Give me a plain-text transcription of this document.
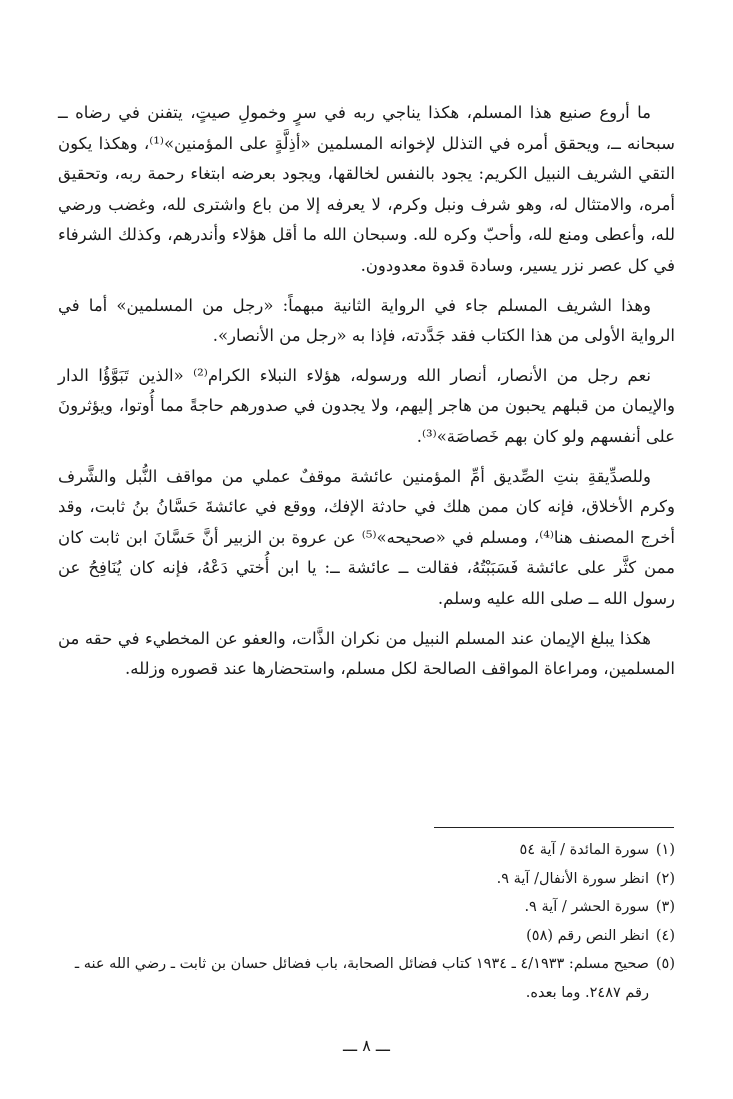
ما أروع صنيع هذا المسلم، هكذا يناجي ربه في سرٍ وخمولِ صيتٍ، يتفنن في رضاه ــ سبحانه ــ، ويحقق أمره في التذلل لإخوانه المسلمين «أذِلَّةٍ على المؤمنين»⁽¹⁾، وهكذا يكون التقي الشريف النبيل الكريم: يجود بالنفس لخالقها، ويجود بعرضه ابتغاء رحمة ربه، وتحقيق أمره، والامتثال له، وهو شرف ونبل وكرم، لا يعرفه إلا من باع واشترى لله، وغضب ورضي لله، وأعطى ومنع لله، وأحبّ وكره لله. وسبحان الله ما أقل هؤلاء وأندرهم، وكذلك الشرفاء في كل عصر نزر يسير، وسادة قدوة معدودون.

وهذا الشريف المسلم جاء في الرواية الثانية مبهماً: «رجل من المسلمين» أما في الرواية الأولى من هذا الكتاب فقد جَدَّدته، فإذا به «رجل من الأنصار».

نعم رجل من الأنصار، أنصار الله ورسوله، هؤلاء النبلاء الكرام⁽²⁾ «الذين تَبَوَّؤُا الدار والإيمان من قبلهم يحبون من هاجر إليهم، ولا يجدون في صدورهم حاجةً مما أُوتوا، ويؤثرونَ على أنفسهم ولو كان بهم خَصاصَة»⁽³⁾.

وللصدِّيقةِ بنتِ الصِّديق أمِّ المؤمنين عائشة موقفٌ عملي من مواقف النُّبل والشَّرف وكرم الأخلاق، فإنه كان ممن هلك في حادثة الإفك، ووقع في عائشةَ حَسَّانُ بنُ ثابت، وقد أخرج المصنف هنا⁽⁴⁾، ومسلم في «صحيحه»⁽⁵⁾ عن عروة بن الزبير أنَّ حَسَّانَ ابن ثابت كان ممن كثَّر على عائشة فَسَبَبْتُهُ، فقالت ــ عائشة ــ: يا ابن أُختي دَعْهُ، فإنه كان يُنَافِحُ عن رسول الله ــ صلى الله عليه وسلم.

هكذا يبلغ الإيمان عند المسلم النبيل من نكران الذَّات، والعفو عن المخطيء في حقه من المسلمين، ومراعاة المواقف الصالحة لكل مسلم، واستحضارها عند قصوره وزلله.

(١)
سورة المائدة / آية ٥٤
(٢)
انظر سورة الأنفال/ آية ٩.
(٣)
سورة الحشر / آية ٩.
(٤)
انظر النص رقم (٥٨)
(٥)
صحيح مسلم: ٤/١٩٣٣ ـ ١٩٣٤ كتاب فضائل الصحابة، باب فضائل حسان بن ثابت ـ رضي الله عنه ـ رقم ٢٤٨٧. وما بعده.
ـــ ٨ ـــ
